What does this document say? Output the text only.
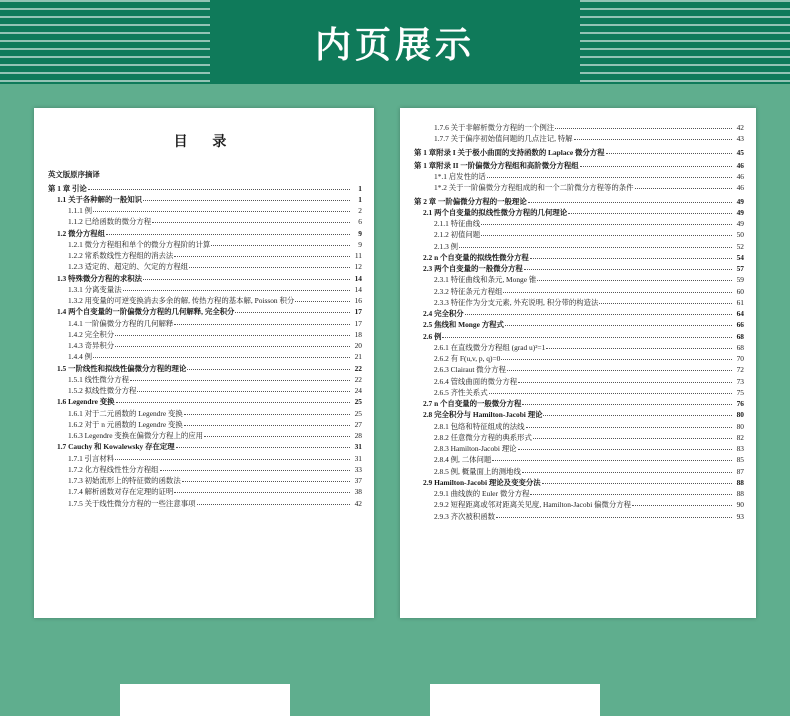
内页展示
目 录
英文版原序摘译
第 1 章 引论	1
1.1 关于各种解的一般知识	1
1.1.1 例	2
1.1.2 已给函数的微分方程	6
1.2 微分方程组	9
1.2.1 微分方程组和单个的微分方程阶的计算	9
1.2.2 常系数线性方程组的消去法	11
1.2.3 适定的、超定的、欠定的方程组	12
1.3 特殊微分方程的求积法	14
1.3.1 分离变量法	14
1.3.2 用变量的可逆变换消去多余的解, 传热方程的基本解, Poisson 积分	16
1.4 两个自变量的一阶偏微分方程的几何解释, 完全积分	17
1.4.1 一阶偏微分方程的几何解释	17
1.4.2 完全积分	18
1.4.3 奇异积分	20
1.4.4 例	21
1.5 一阶线性和拟线性偏微分方程的理论	22
1.5.1 线性微分方程	22
1.5.2 拟线性微分方程	24
1.6 Legendre 变换	25
1.6.1 对于二元函数的 Legendre 变换	25
1.6.2 对于 n 元函数的 Legendre 变换	27
1.6.3 Legendre 变换在偏微分方程上的应用	28
1.7 Cauchy 和 Kowalewsky 存在定理	31
1.7.1 引言材料	31
1.7.2 化方程线性性分方程组	33
1.7.3 初始流形上的特征微的函数法	37
1.7.4 解析函数对存在定理的证明	38
1.7.5 关于线性微分方程的一些注意事项	42
1.7.6 关于非解析微分方程的一个例注	42
1.7.7 关于偏序初始值问题的几点注记, 特解	43
第 1 章附录 I 关于极小曲面的支持函数的 Laplace 微分方程	45
第 1 章附录 II 一阶偏微分方程组和高阶微分方程组	46
1*.1 启发性的话	46
1*.2 关于一阶偏微分方程组成的和一个二阶微分方程等的条件	46
第 2 章 一阶偏微分方程的一般理论	49
2.1 两个自变量的拟线性微分方程的几何理论	49
2.1.1 特征曲线	49
2.1.2 初值问题	50
2.1.3 例	52
2.2 n 个自变量的拟线性微分方程	54
2.3 两个自变量的一般微分方程	57
2.3.1 特征曲线和条元, Monge 锥	59
2.3.2 特征条元方程组	60
2.3.3 特征作为分支元素, 外充说明, 积分带的构造法	61
2.4 完全积分	64
2.5 焦线和 Monge 方程式	66
2.6 例	68
2.6.1 在直线微分方程组 (grad u)²=1	68
2.6.2 有 F(u,v, p, q)=0	70
2.6.3 Clairaut 微分方程	72
2.6.4 管线曲面的微分方程	73
2.6.5 齐性关系式	75
2.7 n 个自变量的一般微分方程	76
2.8 完全积分与 Hamilton-Jacobi 理论	80
2.8.1 包络和特征组成的法线	80
2.8.2 任意微分方程的典系形式	82
2.8.3 Hamilton-Jacobi 理论	83
2.8.4 例, 二体问题	85
2.8.5 例, 概量面上的测地线	87
2.9 Hamilton-Jacobi 理论及变变分法	88
2.9.1 曲线族的 Euler 微分方程	88
2.9.2 短程距离或邻对距离关见度, Hamilton-Jacobi 偏微分方程	90
2.9.3 齐次被积函数	93
